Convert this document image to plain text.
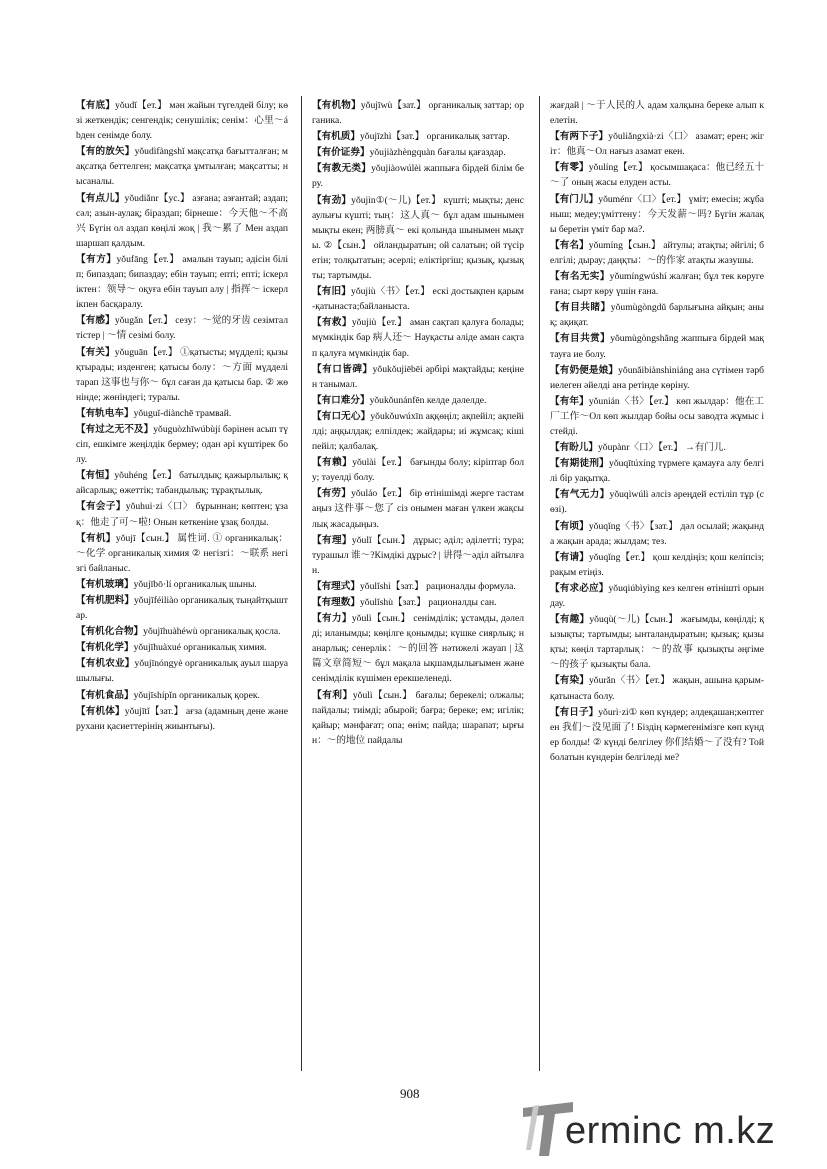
【有底】yǒudǐ【ет.】 мән жайын түгелдей білу; көзі жеткендік; сенгендік; сенушілік; сенім：心里～ábден сенімде болу.
【有的放矢】yǒudìfàngshǐ мақсатқа бағытталған; мақсатқа беттелген; мақсатқа ұмтылған; мақсатты; нысаналы.
【有点儿】yǒudiǎnr【ус.】 азғана; азғантай; аздап; сәл; азын-аулақ; біраздап; бірнеше：今天他～不高兴 Бүгін ол аздап көңілі жоқ | 我～累了 Мен аздап шаршап қалдым.
【有方】yǒufāng【ет.】 амалын тауып; әдісін біліп; бипаздап; бипаздау; ебін тауып; епті; епті; іскерліктен：领导～ оқуға ебін тауып алу | 指挥～ іскерлікпен басқаралу.
【有感】yǒugǎn【ет.】 сезу：～觉的牙齿 сезімтал тістер | ～情 сезімі болу.
【有关】yǒuguān【ет.】 ①қатысты; мүдделі; қызықтырады; изденген; қатысы болу：～方面 мүдделі тарап 这事也与你～ бұл саған да қатысы бар. ② жөнінде; жөніндегі; туралы.
【有轨电车】yǒuguǐ-diànchē трамвай.
【有过之无不及】yǒuguòzhīwúbùjí бәрінен асып түсіп, ешкімге жеңілдік бермеу; одан әрі күштірек болу.
【有恒】yǒuhéng【ет.】 батылдық; қажырлылық; қайсарлық; өжеттік; табандылық; тұрақтылық.
【有会子】yǒuhuì·zi〈口〉 бұрыннан; көптен; ұзақ：他走了可～啦! Онын кеткеніне ұзақ болды.
【有机】yǒujī【сын.】 属性词. ① органикалық：～化学 органикалық химия ② негізгі：～联系 негізгі байланыс.
【有机玻璃】yǒujībō·lí органикалық шыны.
【有机肥料】yǒujīféiliào органикалық тыңайтқыштар.
【有机化合物】yǒujīhuàhéwù органикалық қосла.
【有机化学】yǒujīhuàxué органикалық химия.
【有机农业】yǒujīnóngyè органикалық ауыл шаруашылығы.
【有机食品】yǒujīshípǐn органикалық қорек.
【有机体】yǒujītǐ【зат.】 ағза (адамның дене және рухани қасиеттерінің жиынтығы).
【有机物】yǒujīwù【зат.】 органикалық заттар; органика.
【有机质】yǒujīzhì【зат.】 органикалық заттар.
【有价证券】yǒujiàzhèngquàn бағалы қағаздар.
【有教无类】yǒujiàowúlèi жаппыға бірдей білім беру.
【有劲】yǒujìn①(～儿)【ет.】 күшті; мықты; денсаулығы күшті; тың：这人真～ бұл адам шынымен мықты екен; 两膀真～ екі қолында шынымен мықты. ②【сын.】 ойландыратын; ой салатын; ой түсіретін; толқытатын; әсерлі; еліктіргіш; қызық, қызықты; тартымды.
【有旧】yǒujiù〈书〉【ет.】 ескі достықпен қарым-қатынаста;байланыста.
【有救】yǒujiù【ет.】 аман сақтап қалуға болады; мүмкіндік бар 病人还～ Науқасты әліде аман сақтап қалуға мүмкіндік бар.
【有口皆碑】yǒukǒujiēbēi әрбірі мақтайды; кеңінен танымал.
【有口难分】yǒukǒunánfēn келде дәлелде.
【有口无心】yǒukǒuwúxīn аққөңіл; ақпейіл; ақпейілді; аңқылдақ; елпілдек; жайдары; иі жұмсақ; кішіпейіл; қалбалақ.
【有赖】yǒulài【ет.】 бағынды болу; кіріптар болу; тәуелді болу.
【有劳】yǒuláo【ет.】 бір өтінішімді жерге тастамаңыз 这件事～您了 сіз онымен маған үлкен жақсылық жасадыңыз.
【有理】yǒulǐ【сын.】 дұрыс; әділ; әділетті; тура; турашыл 谁～?Кімдікі дұрыс? | 讲得～әділ айтылған.
【有理式】yǒulǐshì【зат.】 рационалды формула.
【有理数】yǒulǐshù【зат.】 рационалды сан.
【有力】yǒulì【сын.】 сенімділік; ұстамды, дәлелді; иланымды; көңілге қонымды; күшке сиярлық; нанарлық; сенерлік：～的回答 нәтижелі жауап | 这篇文章简短～ бұл мақала ықшамдылығымен және сенімділік күшімен ерекшеленеді.
【有利】yǒulì【сын.】 бағалы; берекелі; олжалы; пайдалы; тиімді; абырой; бағра; береке; ем; игілік; қайыр; мәнфағат; опа; өнім; пайда; шарапат; ырғын：～的地位 пайдалы
жағдай | ～于人民的人 адам халқына береке алып келетін.
【有两下子】yǒuliǎngxià·zi〈口〉 азамат; ерен; жігіт：他真～Ол нағыз азамат екен.
【有零】yǒulíng【ет.】 қосымшақаса：他已经五十～了 оның жасы елуден асты.
【有门儿】yǒuménr〈口〉【ет.】 үміт; емесін; жұбаныш; медеу;үміттену：今天发薪～吗? Бүгін жалақы беретін үміт бар ма?.
【有名】yǒumíng【сын.】 айтулы; атақты; әйгілі; белгілі; дырау; даңқты：～的作家 атақты жазушы.
【有名无实】yǒumíngwúshí жалған; бұл тек көруге ғана; сырт көру үшін ғана.
【有目共睹】yǒumùgòngdǔ барлығына айқын; анық; ақиқат.
【有目共赏】yǒumùgòngshǎng жаппыға бірдей мақтауға ие болу.
【有奶便是娘】yǒunǎibiànshìniáng ана сүтімен тәрбиелеген әйелді ана ретінде көріну.
【有年】yǒunián〈书〉【ет.】 көп жылдар：他在工厂工作～Ол көп жылдар бойы осы заводта жұмыс істейді.
【有盼儿】yǒupànr〈口〉【ет.】 →有门儿.
【有期徒刑】yǒuqītúxíng түрмеге қамауға алу белгілі бір уақытқа.
【有气无力】yǒuqìwúlì әлсіз әреңдей естіліп тұр (сөзі).
【有顷】yǒuqǐng〈书〉【зат.】 дәл осылай; жақында жақын арада; жылдам; тез.
【有请】yǒuqǐng【ет.】 қош келдіңіз; қош келіпсіз; рақым етіңіз.
【有求必应】yǒuqiúbìyìng кез келген өтінішті орындау.
【有趣】yǒuqù(～儿)【сын.】 жағымды, көңілді; қызықты; тартымды; ынталандыратын; қызық; қызықты; көңіл тартарлық：～的故事 қызықты әңгіме ～的孩子 қызықты бала.
【有染】yǒurǎn〈书〉【ет.】 жақын, ашына қарым-қатынаста болу.
【有日子】yǒurì·zi① көп күндер; әлдеқашан;көптеген 我们～没见面了! Біздің кәрмегенімізге көп күндер болды! ② күнді белгілеу 你们结婚～了没有? Той болатын күндерін белгіледі ме?
908
erminc m.kz
